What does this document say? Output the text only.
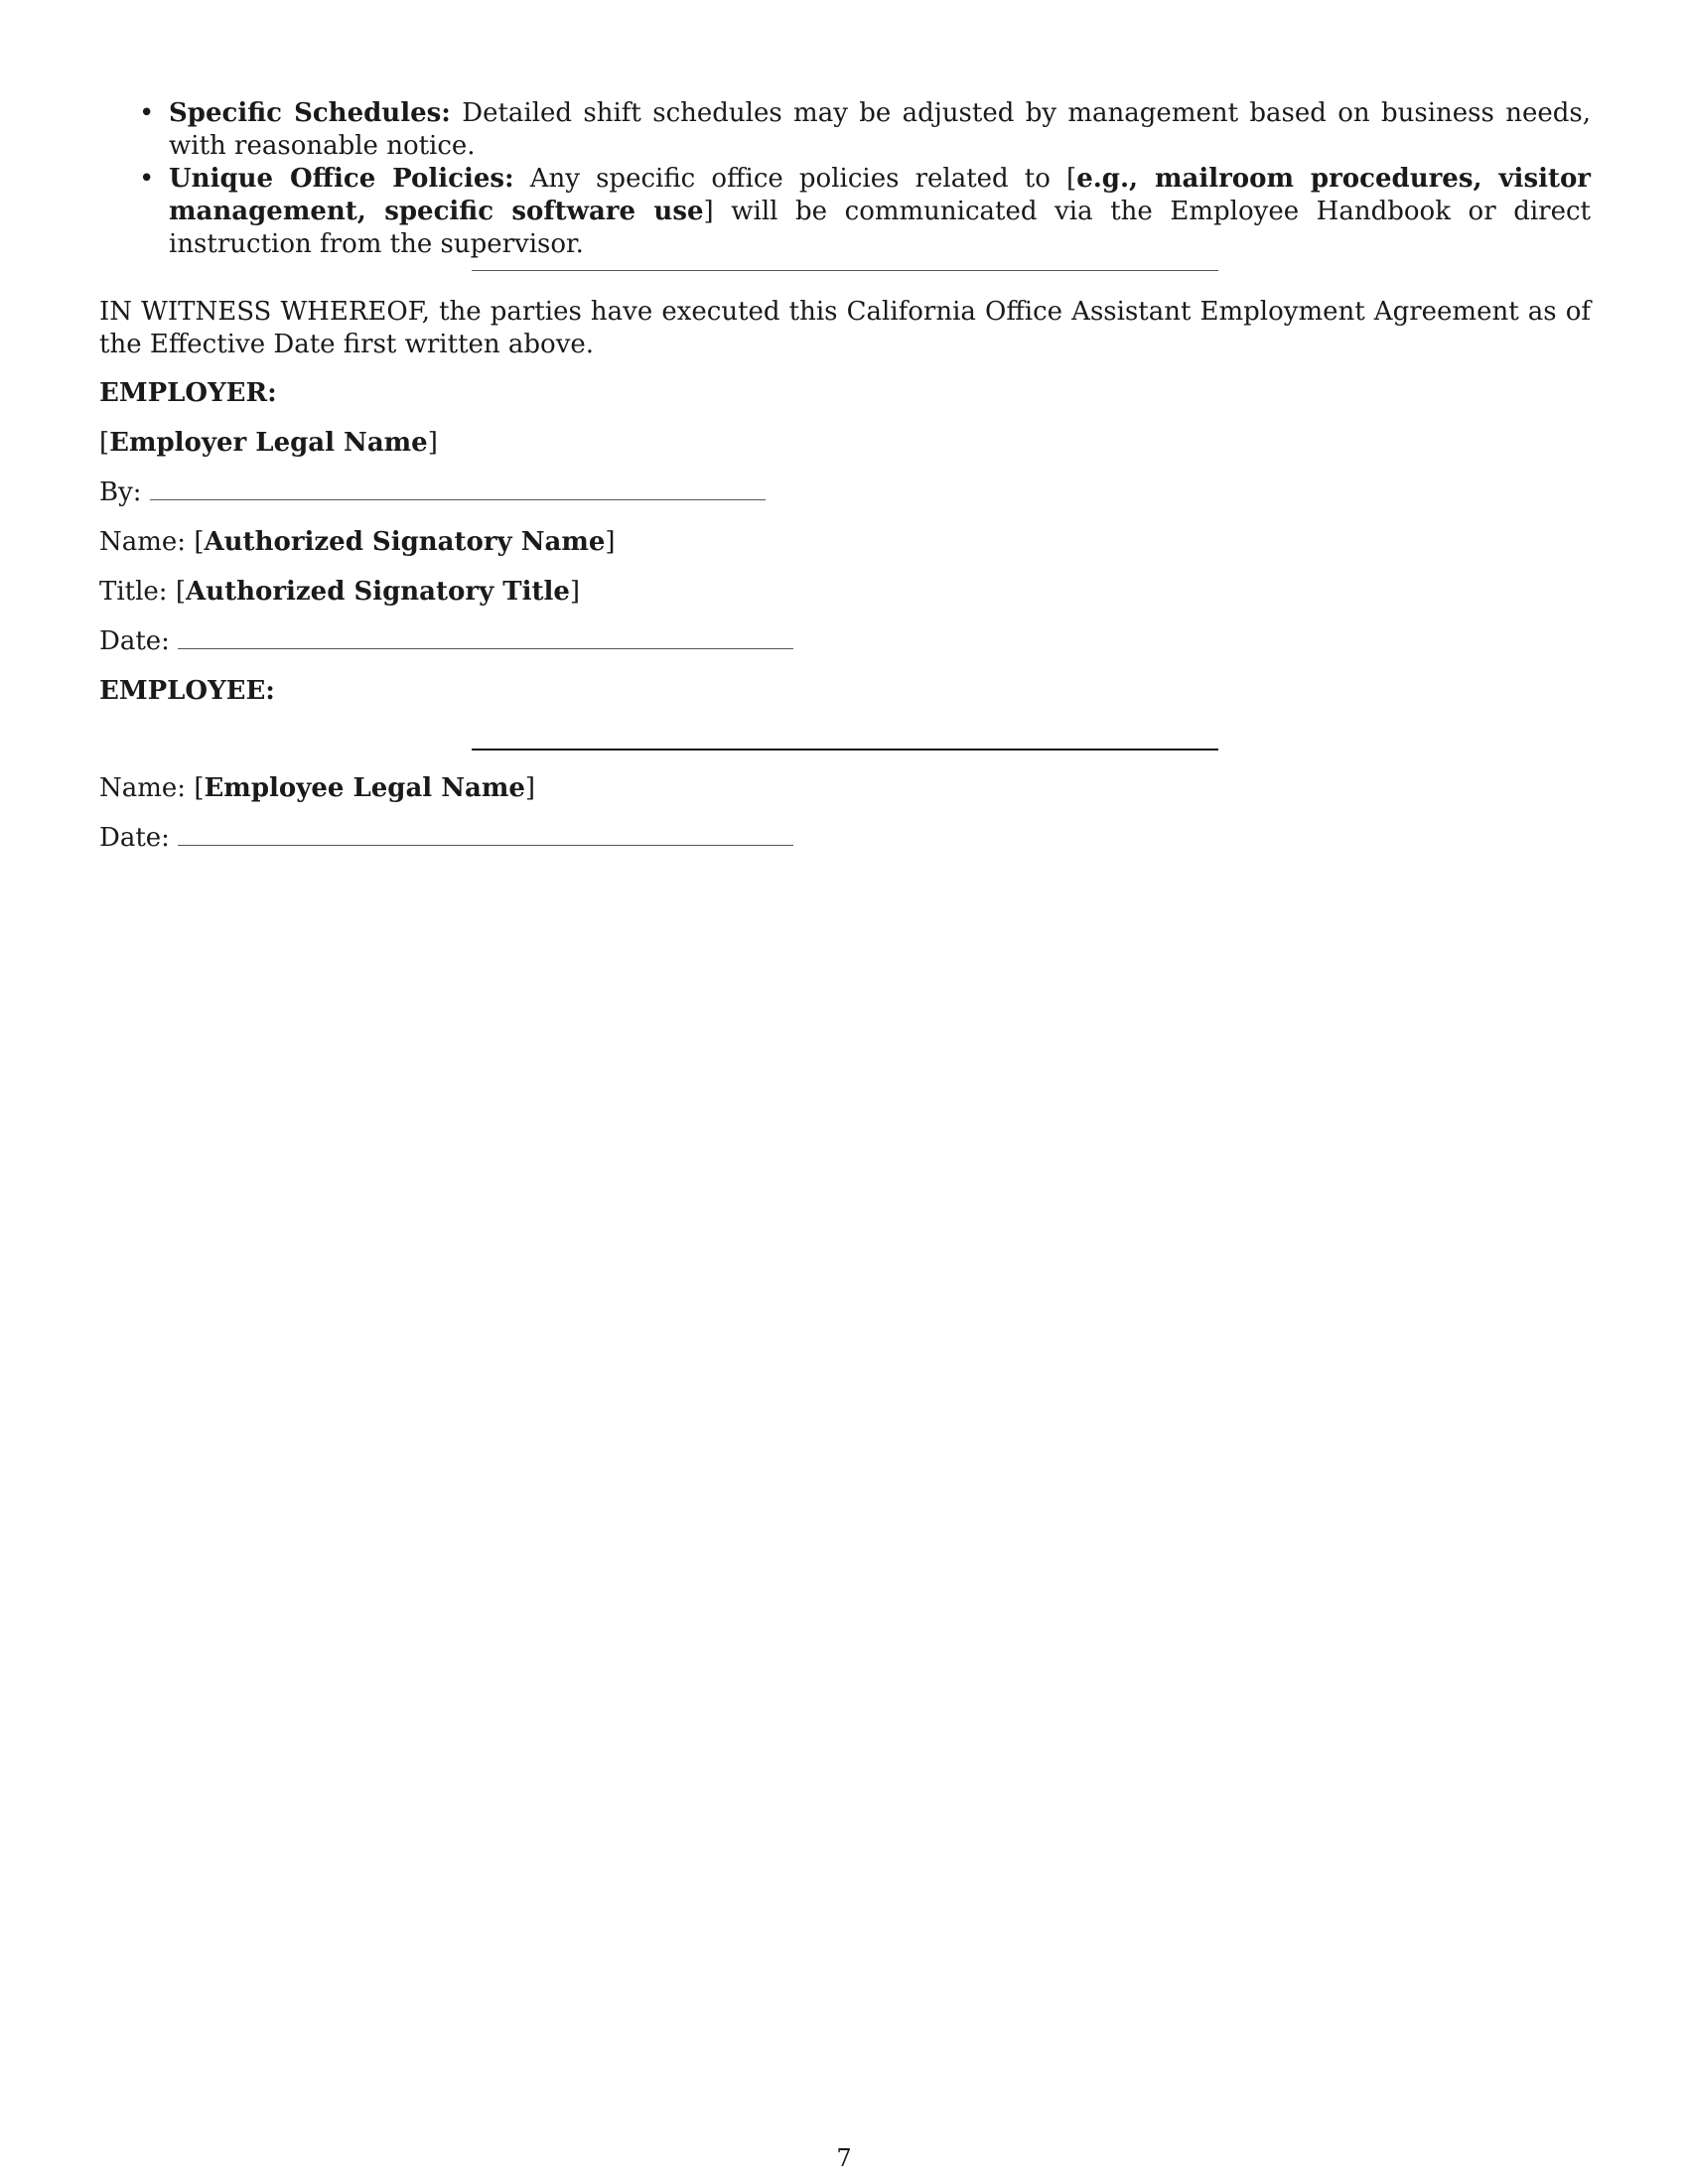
• Specific Schedules: Detailed shift schedules may be adjusted by management based on business needs, with reasonable notice.
• Unique Office Policies: Any specific office policies related to [e.g., mailroom procedures, visitor management, specific software use] will be communicated via the Employee Handbook or direct instruction from the supervisor.
IN WITNESS WHEREOF, the parties have executed this California Office Assistant Employment Agreement as of the Effective Date first written above.
EMPLOYER:
[Employer Legal Name]
By:
Name: [Authorized Signatory Name]
Title: [Authorized Signatory Title]
Date:
EMPLOYEE:
Name: [Employee Legal Name]
Date:
7
